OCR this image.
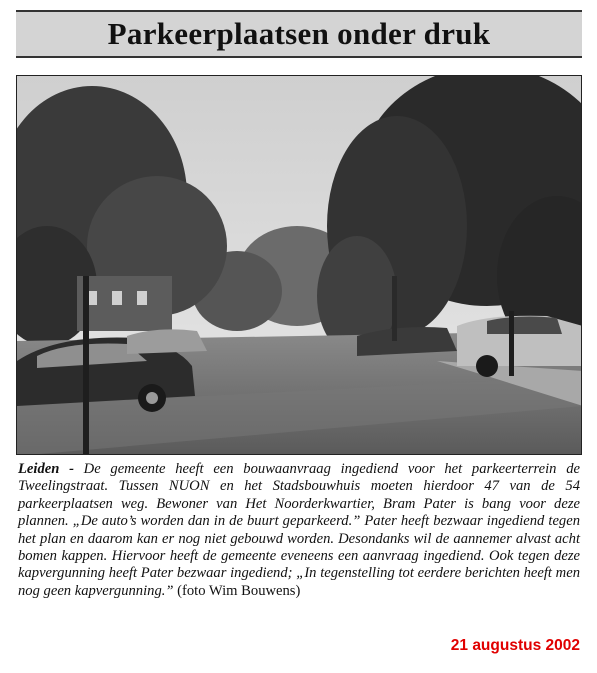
Parkeerplaatsen onder druk
Leiden - De gemeente heeft een bouwaanvraag ingediend voor het parkeerterrein de Tweelingstraat. Tussen NUON en het Stadsbouwhuis moeten hierdoor 47 van de 54 parkeerplaatsen weg. Bewoner van Het Noorderkwartier, Bram Pater is bang voor deze plannen. „De auto’s worden dan in de buurt geparkeerd.” Pater heeft bezwaar ingediend tegen het plan en daarom kan er nog niet gebouwd worden. Desondanks wil de aannemer alvast acht bomen kappen. Hiervoor heeft de gemeente eveneens een aanvraag ingediend. Ook tegen deze kapvergunning heeft Pater bezwaar ingediend; „In tegenstelling tot eerdere berichten heeft men nog geen kapvergunning.” (foto Wim Bouwens)
21 augustus 2002
